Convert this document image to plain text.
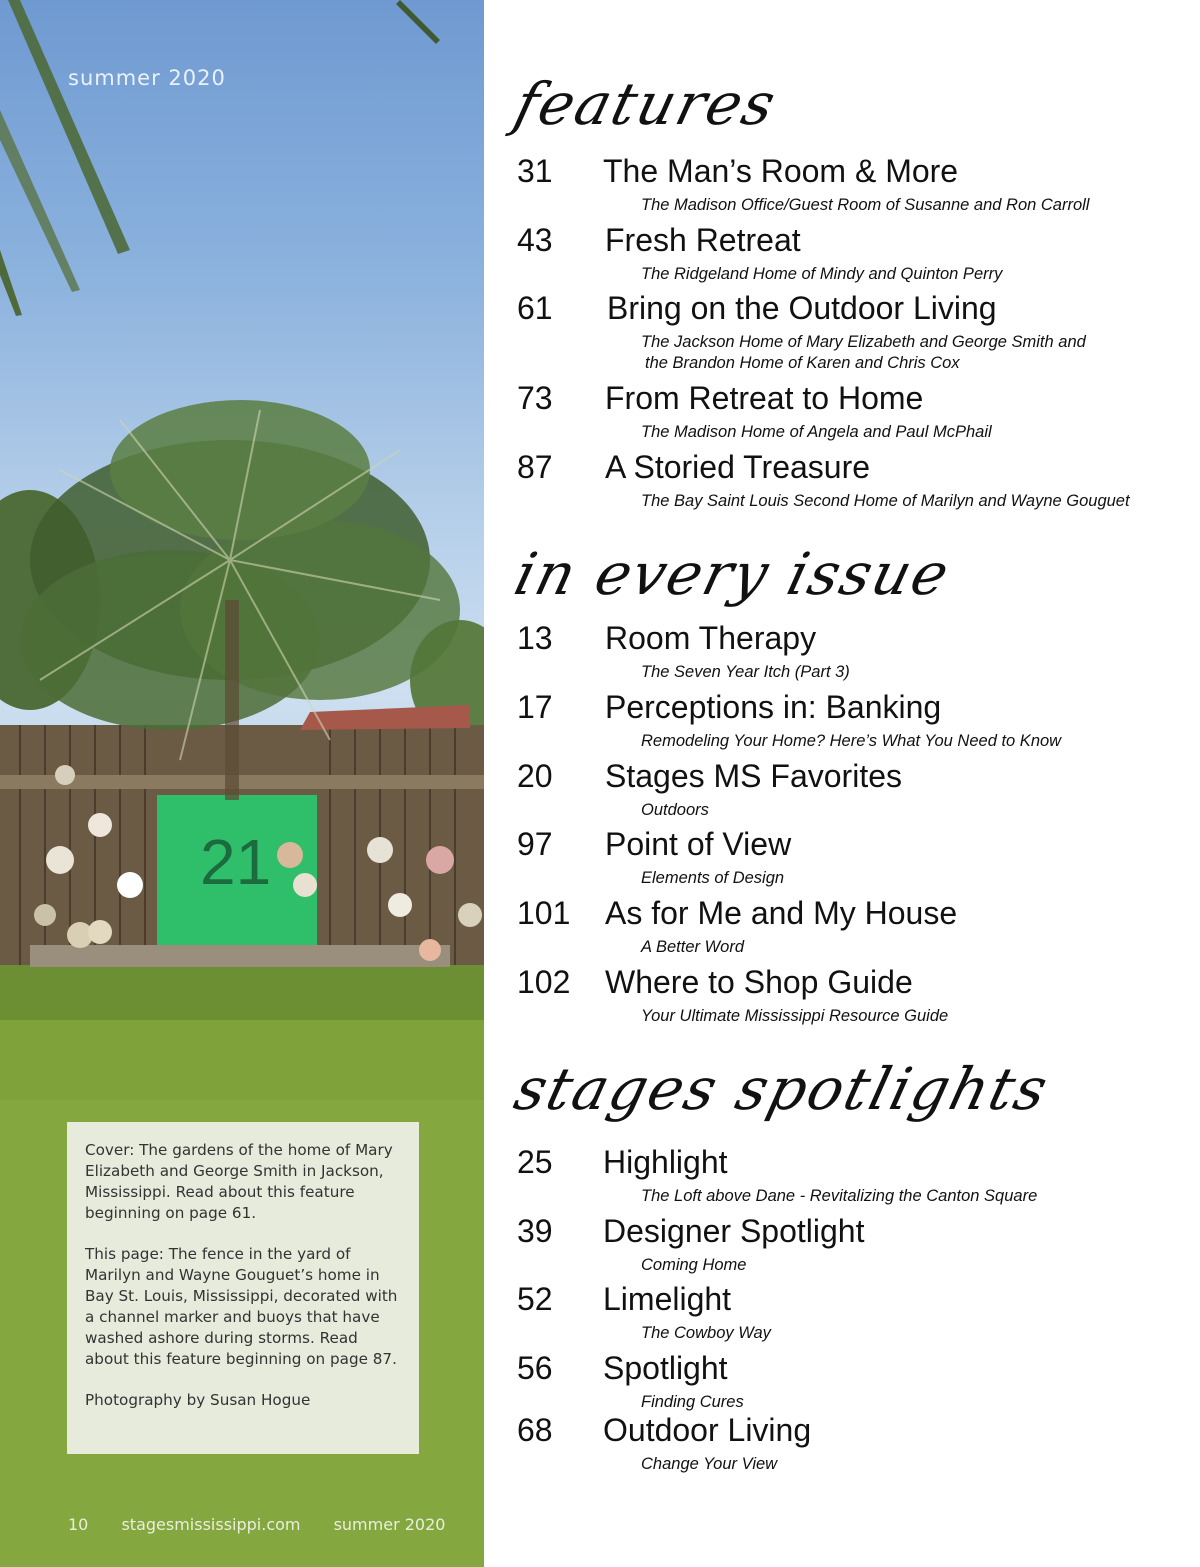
21
summer 2020

Cover: The gardens of the home of Mary Elizabeth and George Smith in Jackson, Mississippi. Read about this feature beginning on page 61.

This page: The fence in the yard of Marilyn and Wayne Gouguet’s home in Bay St. Louis, Mississippi, decorated with a channel marker and buoys that have washed ashore during storms. Read about this feature beginning on page 87.

Photography by Susan Hogue

10 stagesmississippi.com summer 2020
features
31 The Man’s Room & More
The Madison Office/Guest Room of Susanne and Ron Carroll
43 Fresh Retreat
The Ridgeland Home of Mindy and Quinton Perry
61 Bring on the Outdoor Living
The Jackson Home of Mary Elizabeth and George Smith and
the Brandon Home of Karen and Chris Cox
73 From Retreat to Home
The Madison Home of Angela and Paul McPhail
87 A Storied Treasure
The Bay Saint Louis Second Home of Marilyn and Wayne Gouguet
in every issue
13 Room Therapy
The Seven Year Itch (Part 3)
17 Perceptions in: Banking
Remodeling Your Home? Here’s What You Need to Know
20 Stages MS Favorites
Outdoors
97 Point of View
Elements of Design
101 As for Me and My House
A Better Word
102 Where to Shop Guide
Your Ultimate Mississippi Resource Guide
stages spotlights
25 Highlight
The Loft above Dane - Revitalizing the Canton Square
39 Designer Spotlight
Coming Home
52 Limelight
The Cowboy Way
56 Spotlight
Finding Cures
68 Outdoor Living
Change Your View
